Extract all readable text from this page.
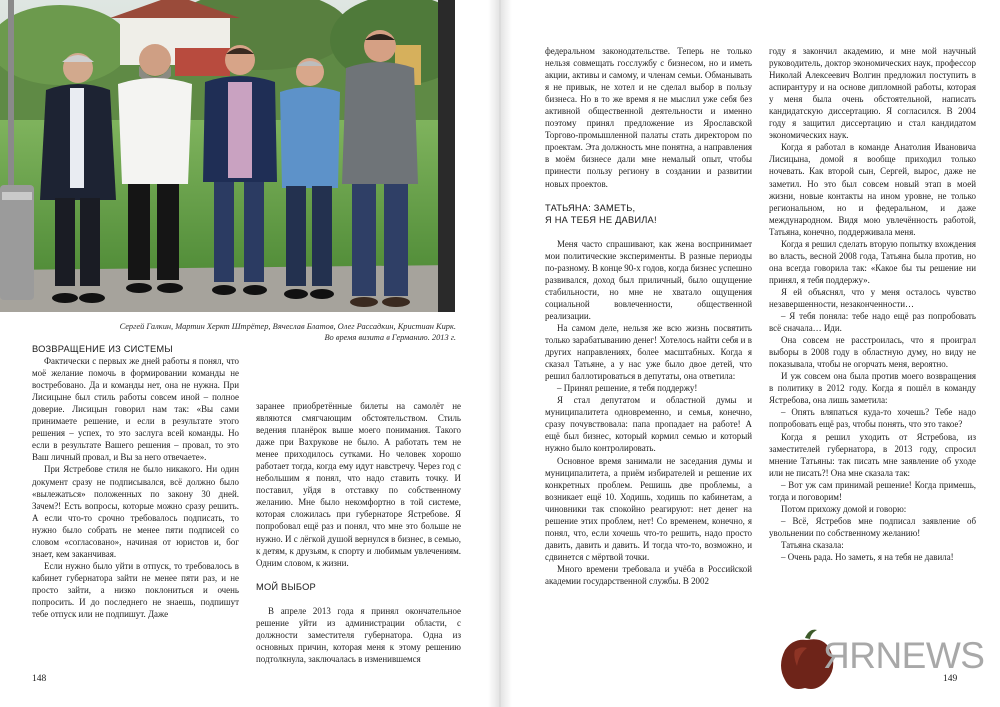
Сергей Галкин, Мартин Херкт Штрётер, Вячеслав Блатов, Олег Рассадкин, Кристиан Кирк.
Во время визита в Германию. 2013 г.

ВОЗВРАЩЕНИЕ ИЗ СИСТЕМЫ

Фактически с первых же дней работы я понял, что моё желание помочь в формировании команды не востребовано. Да и команды нет, она не нужна. При Лисицыне был стиль работы совсем иной – полное доверие. Лисицын говорил нам так: «Вы сами принимаете решение, и если в результате этого решения – успех, то это заслуга всей команды. Но если в результате Вашего решения – провал, то это Ваш личный провал, и Вы за него отвечаете».

При Ястребове стиля не было никакого. Ни один документ сразу не подписывался, всё должно было «вылежаться» положенных по закону 30 дней. Зачем?! Есть вопросы, которые можно сразу решить. А если что-то срочно требовалось подписать, то нужно было собрать не менее пяти подписей со словом «согласовано», начиная от юристов и, бог знает, кем заканчивая.

Если нужно было уйти в отпуск, то требовалось в кабинет губернатора зайти не менее пяти раз, и не просто зайти, а низко поклониться и очень попросить. И до последнего не знаешь, подпишут тебе отпуск или не подпишут. Даже

заранее приобретённые билеты на самолёт не являются смягчающим обстоятельством. Стиль ведения планёрок выше моего понимания. Такого даже при Вахрукове не было. А работать тем не менее приходилось сутками. Но человек хорошо работает тогда, когда ему идут навстречу. Через год с небольшим я понял, что надо ставить точку. И поставил, уйдя в отставку по собственному желанию. Мне было некомфортно в той системе, которая сложилась при губернаторе Ястребове. Я попробовал ещё раз и понял, что мне это больше не нужно. И с лёгкой душой вернулся в бизнес, в семью, к детям, к друзьям, к спорту и любимым увлечениям. Одним словом, к жизни.

МОЙ ВЫБОР

В апреле 2013 года я принял окончательное решение уйти из администрации области, с должности заместителя губернатора. Одна из основных причин, которая меня к этому решению подтолкнула, заключалась в изменившемся

148

федеральном законодательстве. Теперь не только нельзя совмещать госслужбу с бизнесом, но и иметь акции, активы и самому, и членам семьи. Обманывать я не привык, не хотел и не сделал выбор в пользу бизнеса. Но в то же время я не мыслил уже себя без активной общественной деятельности и именно поэтому принял предложение из Ярославской Торгово-промышленной палаты стать директором по проектам. Эта должность мне понятна, а направления в моём бизнесе дали мне немалый опыт, чтобы принести пользу региону в создании и развитии новых проектов.

ТАТЬЯНА: ЗАМЕТЬ,

Я НА ТЕБЯ НЕ ДАВИЛА!

Меня часто спрашивают, как жена воспринимает мои политические эксперименты. В разные периоды по-разному. В конце 90-х годов, когда бизнес успешно развивался, доход был приличный, было ощущение стабильности, но мне не хватало ощущения социальной вовлеченности, общественной реализации.

На самом деле, нельзя же всю жизнь посвятить только зарабатыванию денег! Хотелось найти себя и в других направлениях, более масштабных. Когда я сказал Татьяне, а у нас уже было двое детей, что решил баллотироваться в депутаты, она ответила:

– Принял решение, я тебя поддержу!

Я стал депутатом и областной думы и муниципалитета одновременно, и семья, конечно, сразу почувствовала: папа пропадает на работе! А ещё был бизнес, который кормил семью и который нужно было контролировать.

Основное время занимали не заседания думы и муниципалитета, а приём избирателей и решение их конкретных проблем. Решишь две проблемы, а возникает ещё 10. Ходишь, ходишь по кабинетам, а чиновники так спокойно реагируют: нет денег на решение этих проблем, нет! Со временем, конечно, я понял, что, если хочешь что-то решить, надо просто давить, давить и давить. И тогда что-то, возможно, и сдвинется с мёртвой точки.

Много времени требовала и учёба в Российской академии государственной службы. В 2002

году я закончил академию, и мне мой научный руководитель, доктор экономических наук, профессор Николай Алексеевич Волгин предложил поступить в аспирантуру и на основе дипломной работы, которая у меня была очень обстоятельной, написать кандидатскую диссертацию. Я согласился. В 2004 году я защитил диссертацию и стал кандидатом экономических наук.

Когда я работал в команде Анатолия Ивановича Лисицына, домой я вообще приходил только ночевать. Как второй сын, Сергей, вырос, даже не заметил. Но это был совсем новый этап в моей жизни, новые контакты на ином уровне, не только региональном, но и федеральном, и даже международном. Видя мою увлечённость работой, Татьяна, конечно, поддерживала меня.

Когда я решил сделать вторую попытку вхождения во власть, весной 2008 года, Татьяна была против, но она всегда говорила так: «Какое бы ты решение ни принял, я тебя поддержу».

Я ей объяснял, что у меня осталось чувство незавершенности, незаконченности…

– Я тебя поняла: тебе надо ещё раз попробовать всё сначала… Иди.

Она совсем не расстроилась, что я проиграл выборы в 2008 году в областную думу, но виду не показывала, чтобы не огорчать меня, вероятно.

И уж совсем она была против моего возвращения в политику в 2012 году. Когда я пошёл в команду Ястребова, она лишь заметила:

– Опять вляпаться куда-то хочешь? Тебе надо попробовать ещё раз, чтобы понять, что это такое?

Когда я решил уходить от Ястребова, из заместителей губернатора, в 2013 году, спросил мнение Татьяны: так писать мне заявление об уходе или не писать?! Она мне сказала так:

– Вот уж сам принимай решение! Когда примешь, тогда и поговорим!

Потом прихожу домой и говорю:

– Всё, Ястребов мне подписал заявление об увольнении по собственному желанию!

Татьяна сказала:

– Очень рада. Но заметь, я на тебя не давила!

ЯRNEWS
149
